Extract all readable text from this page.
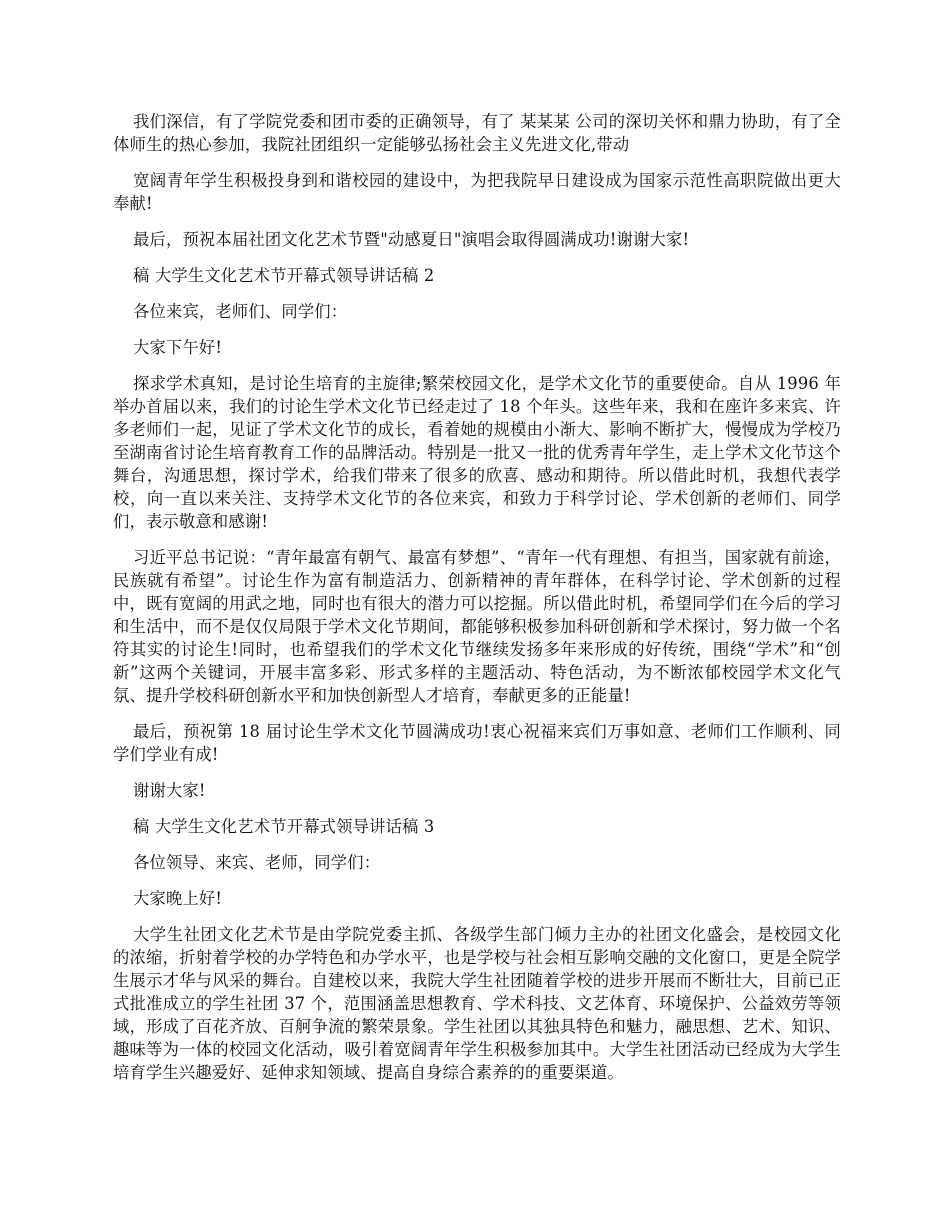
我们深信，有了学院党委和团市委的正确领导，有了 某某某 公司的深切关怀和鼎力协助，有了全体师生的热心参加，我院社团组织一定能够弘扬社会主义先进文化,带动

宽阔青年学生积极投身到和谐校园的建设中，为把我院早日建设成为国家示范性高职院做出更大奉献!

最后，预祝本届社团文化艺术节暨"动感夏日"演唱会取得圆满成功!谢谢大家!

稿 大学生文化艺术节开幕式领导讲话稿 2

各位来宾，老师们、同学们：

大家下午好!

探求学术真知，是讨论生培育的主旋律;繁荣校园文化，是学术文化节的重要使命。自从 1996 年举办首届以来，我们的讨论生学术文化节已经走过了 18 个年头。这些年来，我和在座许多来宾、许多老师们一起，见证了学术文化节的成长，看着她的规模由小渐大、影响不断扩大，慢慢成为学校乃至湖南省讨论生培育教育工作的品牌活动。特别是一批又一批的优秀青年学生，走上学术文化节这个舞台，沟通思想，探讨学术，给我们带来了很多的欣喜、感动和期待。所以借此时机，我想代表学校，向一直以来关注、支持学术文化节的各位来宾，和致力于科学讨论、学术创新的老师们、同学们，表示敬意和感谢!

习近平总书记说：“青年最富有朝气、最富有梦想”、“青年一代有理想、有担当，国家就有前途，民族就有希望”。讨论生作为富有制造活力、创新精神的青年群体，在科学讨论、学术创新的过程中，既有宽阔的用武之地，同时也有很大的潜力可以挖掘。所以借此时机，希望同学们在今后的学习和生活中，而不是仅仅局限于学术文化节期间，都能够积极参加科研创新和学术探讨，努力做一个名符其实的讨论生!同时，也希望我们的学术文化节继续发扬多年来形成的好传统，围绕“学术”和“创新”这两个关键词，开展丰富多彩、形式多样的主题活动、特色活动，为不断浓郁校园学术文化气氛、提升学校科研创新水平和加快创新型人才培育，奉献更多的正能量!

最后，预祝第 18 届讨论生学术文化节圆满成功!衷心祝福来宾们万事如意、老师们工作顺利、同学们学业有成!

谢谢大家!

稿 大学生文化艺术节开幕式领导讲话稿 3

各位领导、来宾、老师，同学们：

大家晚上好!

大学生社团文化艺术节是由学院党委主抓、各级学生部门倾力主办的社团文化盛会，是校园文化的浓缩，折射着学校的办学特色和办学水平，也是学校与社会相互影响交融的文化窗口，更是全院学生展示才华与风采的舞台。自建校以来，我院大学生社团随着学校的进步开展而不断壮大，目前已正式批准成立的学生社团 37 个，范围涵盖思想教育、学术科技、文艺体育、环境保护、公益效劳等领域，形成了百花齐放、百舸争流的繁荣景象。学生社团以其独具特色和魅力，融思想、艺术、知识、趣味等为一体的校园文化活动，吸引着宽阔青年学生积极参加其中。大学生社团活动已经成为大学生培育学生兴趣爱好、延伸求知领域、提高自身综合素养的的重要渠道。
